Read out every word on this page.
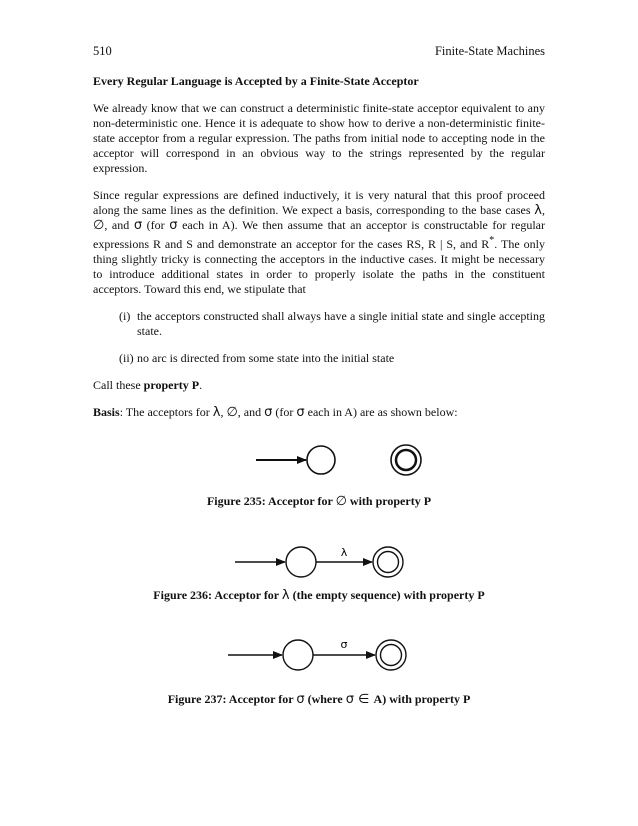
510	Finite-State Machines
Every Regular Language is Accepted by a Finite-State Acceptor

We already know that we can construct a deterministic finite-state acceptor equivalent to any non-deterministic one. Hence it is adequate to show how to derive a non-deterministic finite-state acceptor from a regular expression. The paths from initial node to accepting node in the acceptor will correspond in an obvious way to the strings represented by the regular expression.

Since regular expressions are defined inductively, it is very natural that this proof proceed along the same lines as the definition. We expect a basis, corresponding to the base cases λ, ∅, and σ (for σ each in A). We then assume that an acceptor is constructable for regular expressions R and S and demonstrate an acceptor for the cases RS, R | S, and R*. The only thing slightly tricky is connecting the acceptors in the inductive cases. It might be necessary to introduce additional states in order to properly isolate the paths in the constituent acceptors. Toward this end, we stipulate that

(i) the acceptors constructed shall always have a single initial state and single accepting state.
(ii) no arc is directed from some state into the initial state

Call these property P.

Basis: The acceptors for λ, ∅, and σ (for σ each in A) are as shown below:

Figure 235: Acceptor for ∅ with property P
λ
Figure 236: Acceptor for λ (the empty sequence) with property P
σ
Figure 237: Acceptor for σ (where σ ∈ A) with property P
